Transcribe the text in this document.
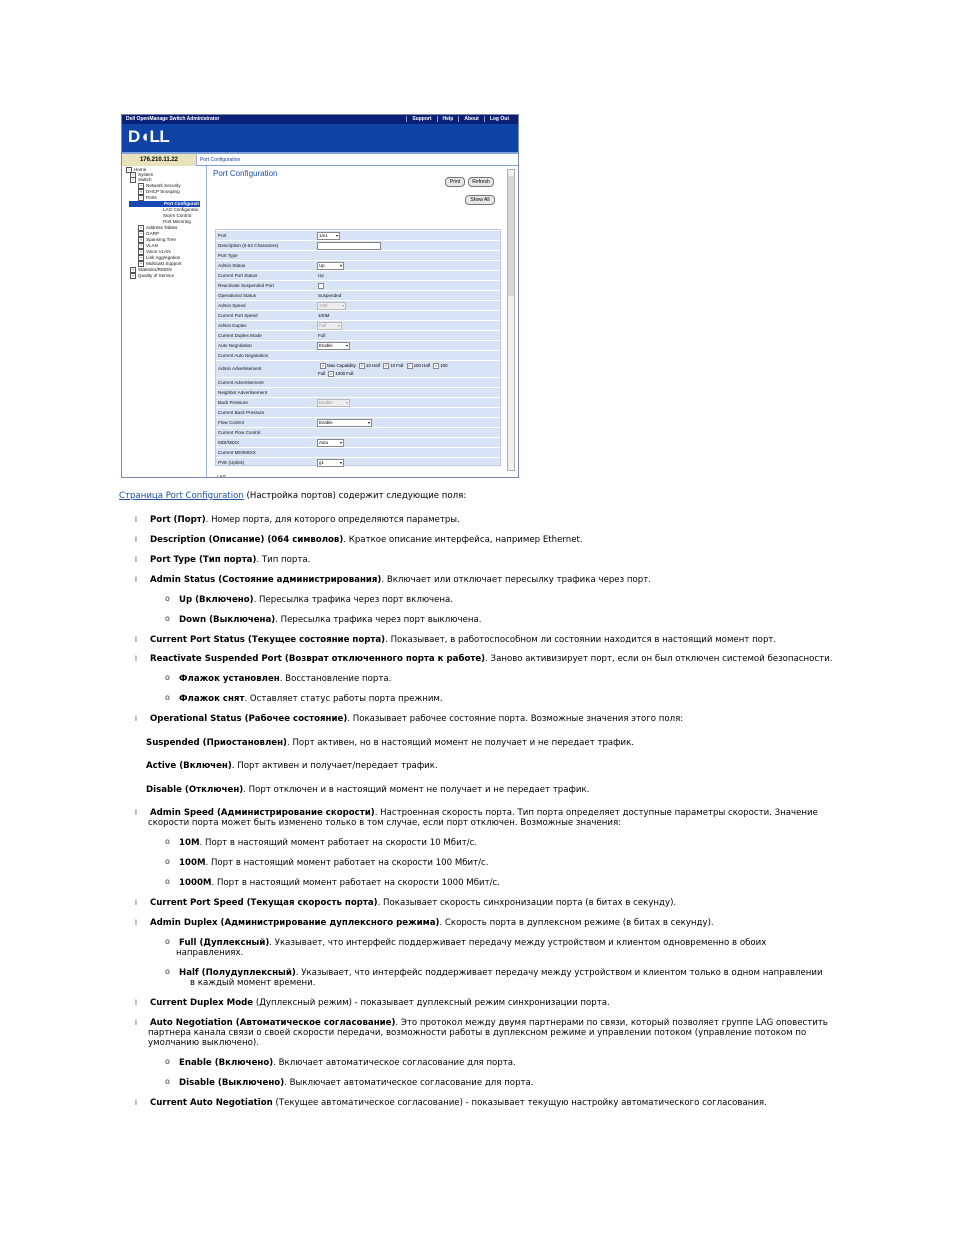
Dell OpenManage Switch Administrator	Support	Help	About	Log Out
D◖LL
176.210.11.22	Port Configuration
− Home
+ System
− Switch
+ Network Security
+ DHCP Snooping
− Ports
Port Configurati
LAG Configuratio
Storm Control
Port Mirroring
+ Address Tables
+ GARP
+ Spanning Tree
+ VLAN
+ Voice VLAN
+ Link Aggregation
+ Multicast Support
+ Statistics/RMON
+ Quality of Service
Port Configuration
Print	Refresh
Show All
Port	1/e1 ▾
Description (0-64 Characters)
Port Type
Admin Status	Up ▾
Current Port Status	Up
Reactivate Suspended Port
Operational Status	Suspended
Admin Speed	10M ▾
Current Port Speed	100M
Admin Duplex	Full ▾
Current Duplex Mode	Full
Auto Negotiation	Enable ▾
Current Auto Negotiation
Admin Advertisement
✓ Max Capability ✓ 10 Half ✓ 10 Full ✓ 100 Half ✓ 100
Full ✓ 1000 Full
Current Advertisement
Neighbor Advertisement
Back Pressure	Enable ▾
Current Back Pressure
Flow Control	Enable ▾
Current Flow Control
MDI/MDIX	Auto ▾
Current MDI/MDIX
PVE (Uplink)	g1 ▾
LAG
Страница Port Configuration (Настройка портов) содержит следующие поля:
l Port (Порт). Номер порта, для которого определяются параметры.
l Description (Описание) (064 символов). Краткое описание интерфейса, например Ethernet.
l Port Type (Тип порта). Тип порта.
l Admin Status (Состояние администрирования). Включает или отключает пересылку трафика через порт.
o Up (Включено). Пересылка трафика через порт включена.
o Down (Выключена). Пересылка трафика через порт выключена.
l Current Port Status (Текущее состояние порта). Показывает, в работоспособном ли состоянии находится в настоящий момент порт.
l Reactivate Suspended Port (Возврат отключенного порта к работе). Заново активизирует порт, если он был отключен системой безопасности.
o Флажок установлен. Восстановление порта.
o Флажок снят. Оставляет статус работы порта прежним.
l Operational Status (Рабочее состояние). Показывает рабочее состояние порта. Возможные значения этого поля:
Suspended (Приостановлен). Порт активен, но в настоящий момент не получает и не передает трафик.
Active (Включен). Порт активен и получает/передает трафик.
Disable (Отключен). Порт отключен и в настоящий момент не получает и не передает трафик.
l Admin Speed (Администрирование скорости). Настроенная скорость порта. Тип порта определяет доступные параметры скорости. Значение
скорости порта может быть изменено только в том случае, если порт отключен. Возможные значения:
o 10M. Порт в настоящий момент работает на скорости 10 Мбит/с.
o 100M. Порт в настоящий момент работает на скорости 100 Мбит/с.
o 1000M. Порт в настоящий момент работает на скорости 1000 Мбит/с.
l Current Port Speed (Текущая скорость порта). Показывает скорость синхронизации порта (в битах в секунду).
l Admin Duplex (Администрирование дуплексного режима). Скорость порта в дуплексном режиме (в битах в секунду).
o Full (Дуплексный). Указывает, что интерфейс поддерживает передачу между устройством и клиентом одновременно в обоих
направлениях.
o Half (Полудуплексный). Указывает, что интерфейс поддерживает передачу между устройством и клиентом только в одном направлении
в каждый момент времени.
l Current Duplex Mode (Дуплексный режим) - показывает дуплексный режим синхронизации порта.
l Auto Negotiation (Автоматическое согласование). Это протокол между двумя партнерами по связи, который позволяет группе LAG оповестить
партнера канала связи о своей скорости передачи, возможности работы в дуплексном режиме и управлении потоком (управление потоком по
умолчанию выключено).
o Enable (Включено). Включает автоматическое согласование для порта.
o Disable (Выключено). Выключает автоматическое согласование для порта.
l Current Auto Negotiation (Текущее автоматическое согласование) - показывает текущую настройку автоматического согласования.
